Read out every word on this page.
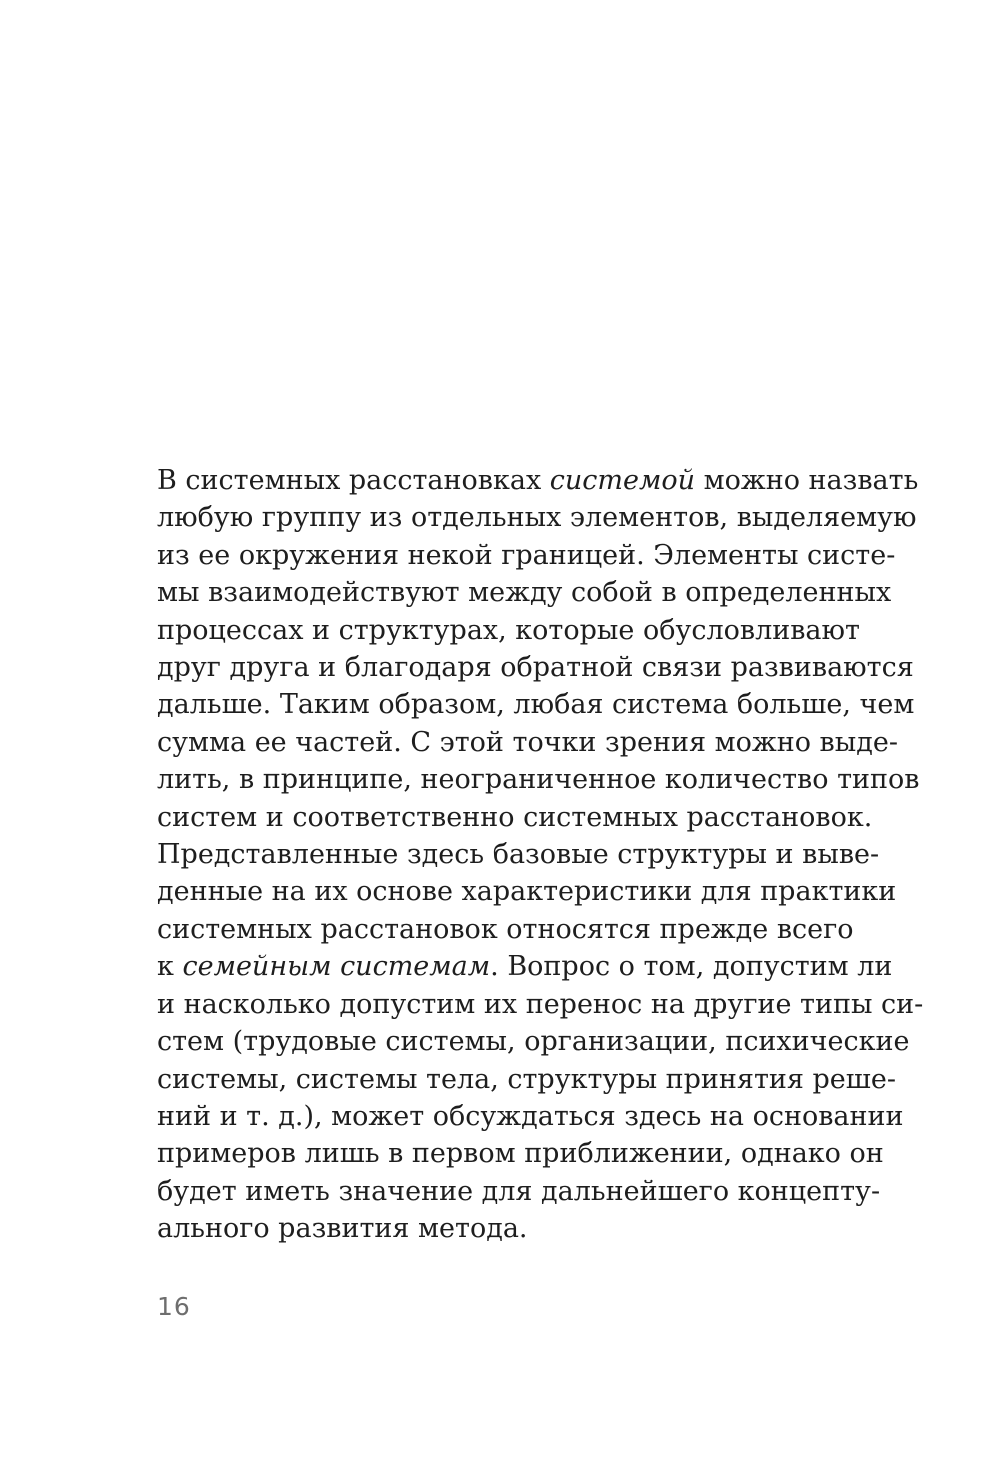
В системных расстановках системой можно назвать
любую группу из отдельных элементов, выделяемую
из ее окружения некой границей. Элементы систе-
мы взаимодействуют между собой в определенных
процессах и структурах, которые обусловливают
друг друга и благодаря обратной связи развиваются
дальше. Таким образом, любая система больше, чем
сумма ее частей. С этой точки зрения можно выде-
лить, в принципе, неограниченное количество типов
систем и соответственно системных расстановок.
Представленные здесь базовые структуры и выве-
денные на их основе характеристики для практики
системных расстановок относятся прежде всего
к семейным системам. Вопрос о том, допустим ли
и насколько допустим их перенос на другие типы си-
стем (трудовые системы, организации, психические
системы, системы тела, структуры принятия реше-
ний и т. д.), может обсуждаться здесь на основании
примеров лишь в первом приближении, однако он
будет иметь значение для дальнейшего концепту-
ального развития метода.

16
